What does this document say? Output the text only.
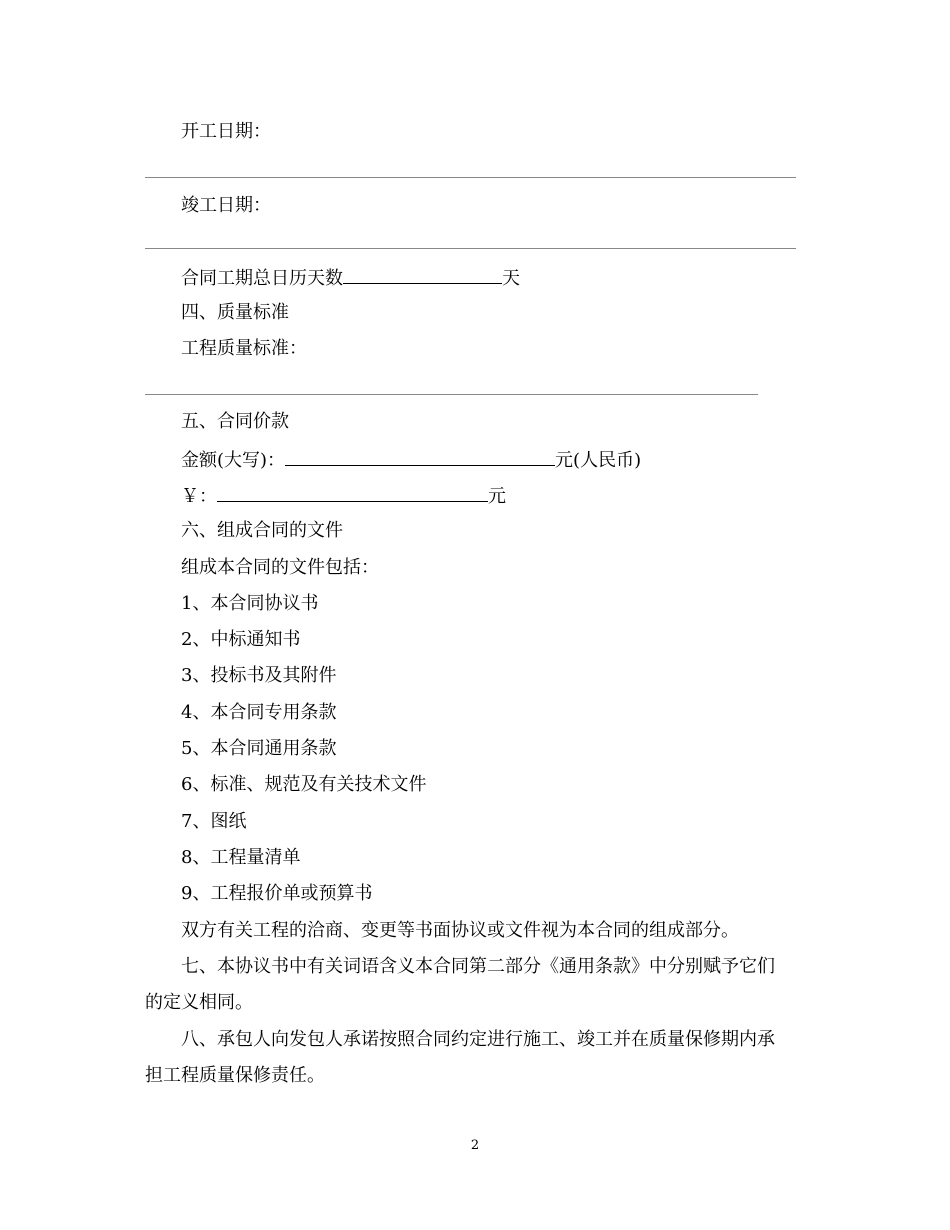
开工日期：
竣工日期：
合同工期总日历天数	天
四、质量标准
工程质量标准：
五、合同价款
金额(大写)：	元(人民币)
￥：	元
六、组成合同的文件
组成本合同的文件包括：
1、本合同协议书
2、中标通知书
3、投标书及其附件
4、本合同专用条款
5、本合同通用条款
6、标准、规范及有关技术文件
7、图纸
8、工程量清单
9、工程报价单或预算书
双方有关工程的洽商、变更等书面协议或文件视为本合同的组成部分。
七、本协议书中有关词语含义本合同第二部分《通用条款》中分别赋予它们
的定义相同。
八、承包人向发包人承诺按照合同约定进行施工、竣工并在质量保修期内承
担工程质量保修责任。
2
